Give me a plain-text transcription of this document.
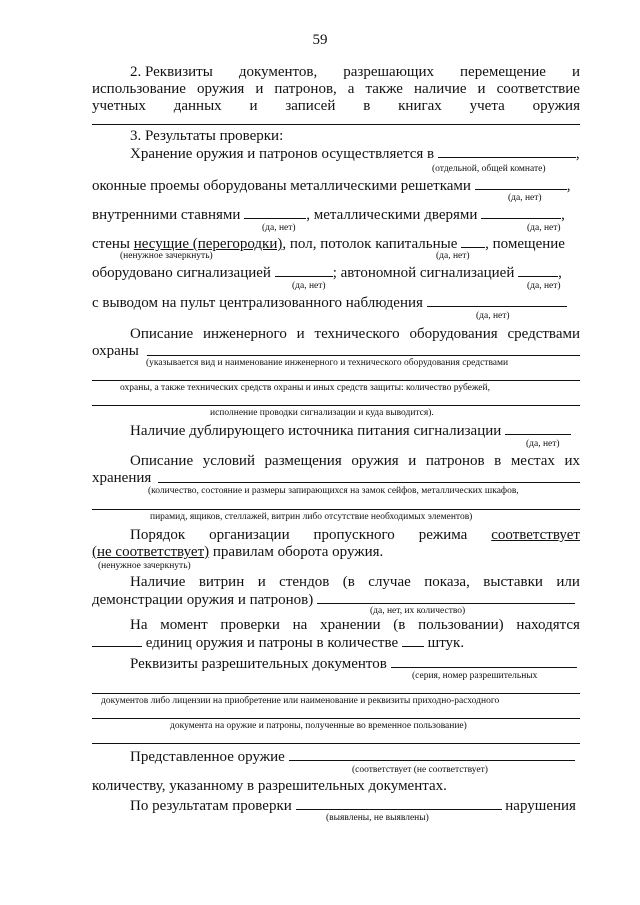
59
2. Реквизиты документов, разрешающих перемещение и
использование оружия и патронов, а также наличие и соответствие
учетных данных и записей в книгах учета оружия
3. Результаты проверки:
Хранение оружия и патронов осуществляется в	,
(отдельной, общей комнате)
оконные проемы оборудованы металлическими решетками	,
(да, нет)
внутренними ставнями	, металлическими дверями	,
(да, нет)	(да, нет)
стены несущие (перегородки), пол, потолок капитальные , помещение
(ненужное зачеркнуть)	(да, нет)
оборудовано сигнализацией	; автономной сигнализацией	,
(да, нет)	(да, нет)
с выводом на пульт централизованного наблюдения
(да, нет)
Описание инженерного и технического оборудования средствами
охраны
(указывается вид и наименование инженерного и технического оборудования средствами
охраны, а также технических средств охраны и иных средств защиты: количество рубежей,
исполнение проводки сигнализации и куда выводится).
Наличие дублирующего источника питания сигнализации
(да, нет)
Описание условий размещения оружия и патронов в местах их
хранения
(количество, состояние и размеры запирающихся на замок сейфов, металлических шкафов,
пирамид, ящиков, стеллажей, витрин либо отсутствие необходимых элементов)
Порядок организации пропускного режима соответствует
(не соответствует) правилам оборота оружия.
(ненужное зачеркнуть)
Наличие витрин и стендов (в случае показа, выставки или
демонстрации оружия и патронов)
(да, нет, их количество)
На момент проверки на хранении (в пользовании) находятся
единиц оружия и патроны в количестве штук.
Реквизиты разрешительных документов
(серия, номер разрешительных
документов либо лицензии на приобретение или наименование и реквизиты приходно-расходного
документа на оружие и патроны, полученные во временное пользование)
Представленное оружие
(соответствует (не соответствует)
количеству, указанному в разрешительных документах.
По результатам проверки	нарушения
(выявлены, не выявлены)
